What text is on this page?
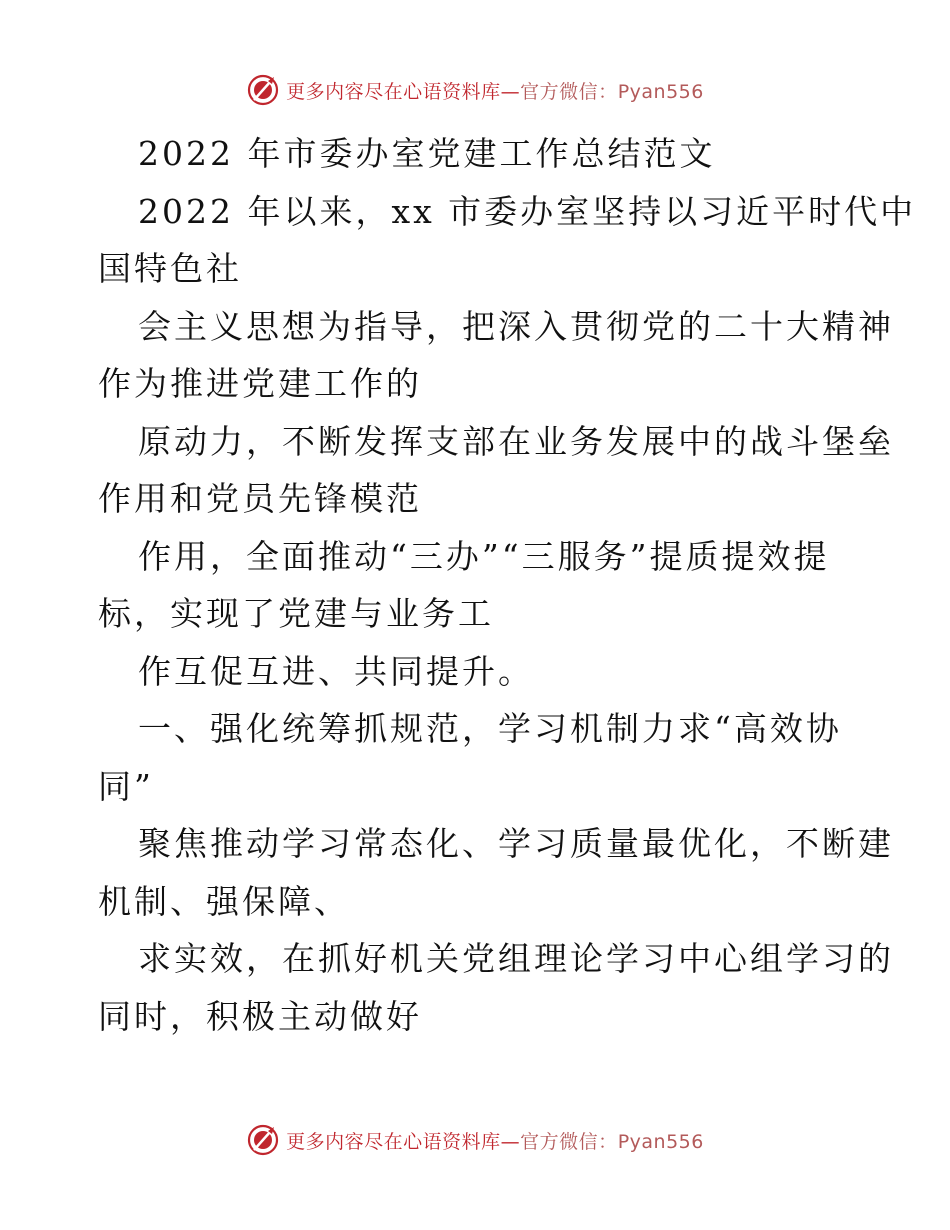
更多内容尽在心语资料库—官方微信：Pyan556
2022 年市委办室党建工作总结范文
2022 年以来，xx 市委办室坚持以习近平时代中
国特色社
会主义思想为指导，把深入贯彻党的二十大精神
作为推进党建工作的
原动力，不断发挥支部在业务发展中的战斗堡垒
作用和党员先锋模范
作用，全面推动“三办”“三服务”提质提效提
标，实现了党建与业务工
作互促互进、共同提升。
一、强化统筹抓规范，学习机制力求“高效协
同”
聚焦推动学习常态化、学习质量最优化，不断建
机制、强保障、
求实效，在抓好机关党组理论学习中心组学习的
同时，积极主动做好
更多内容尽在心语资料库—官方微信：Pyan556
